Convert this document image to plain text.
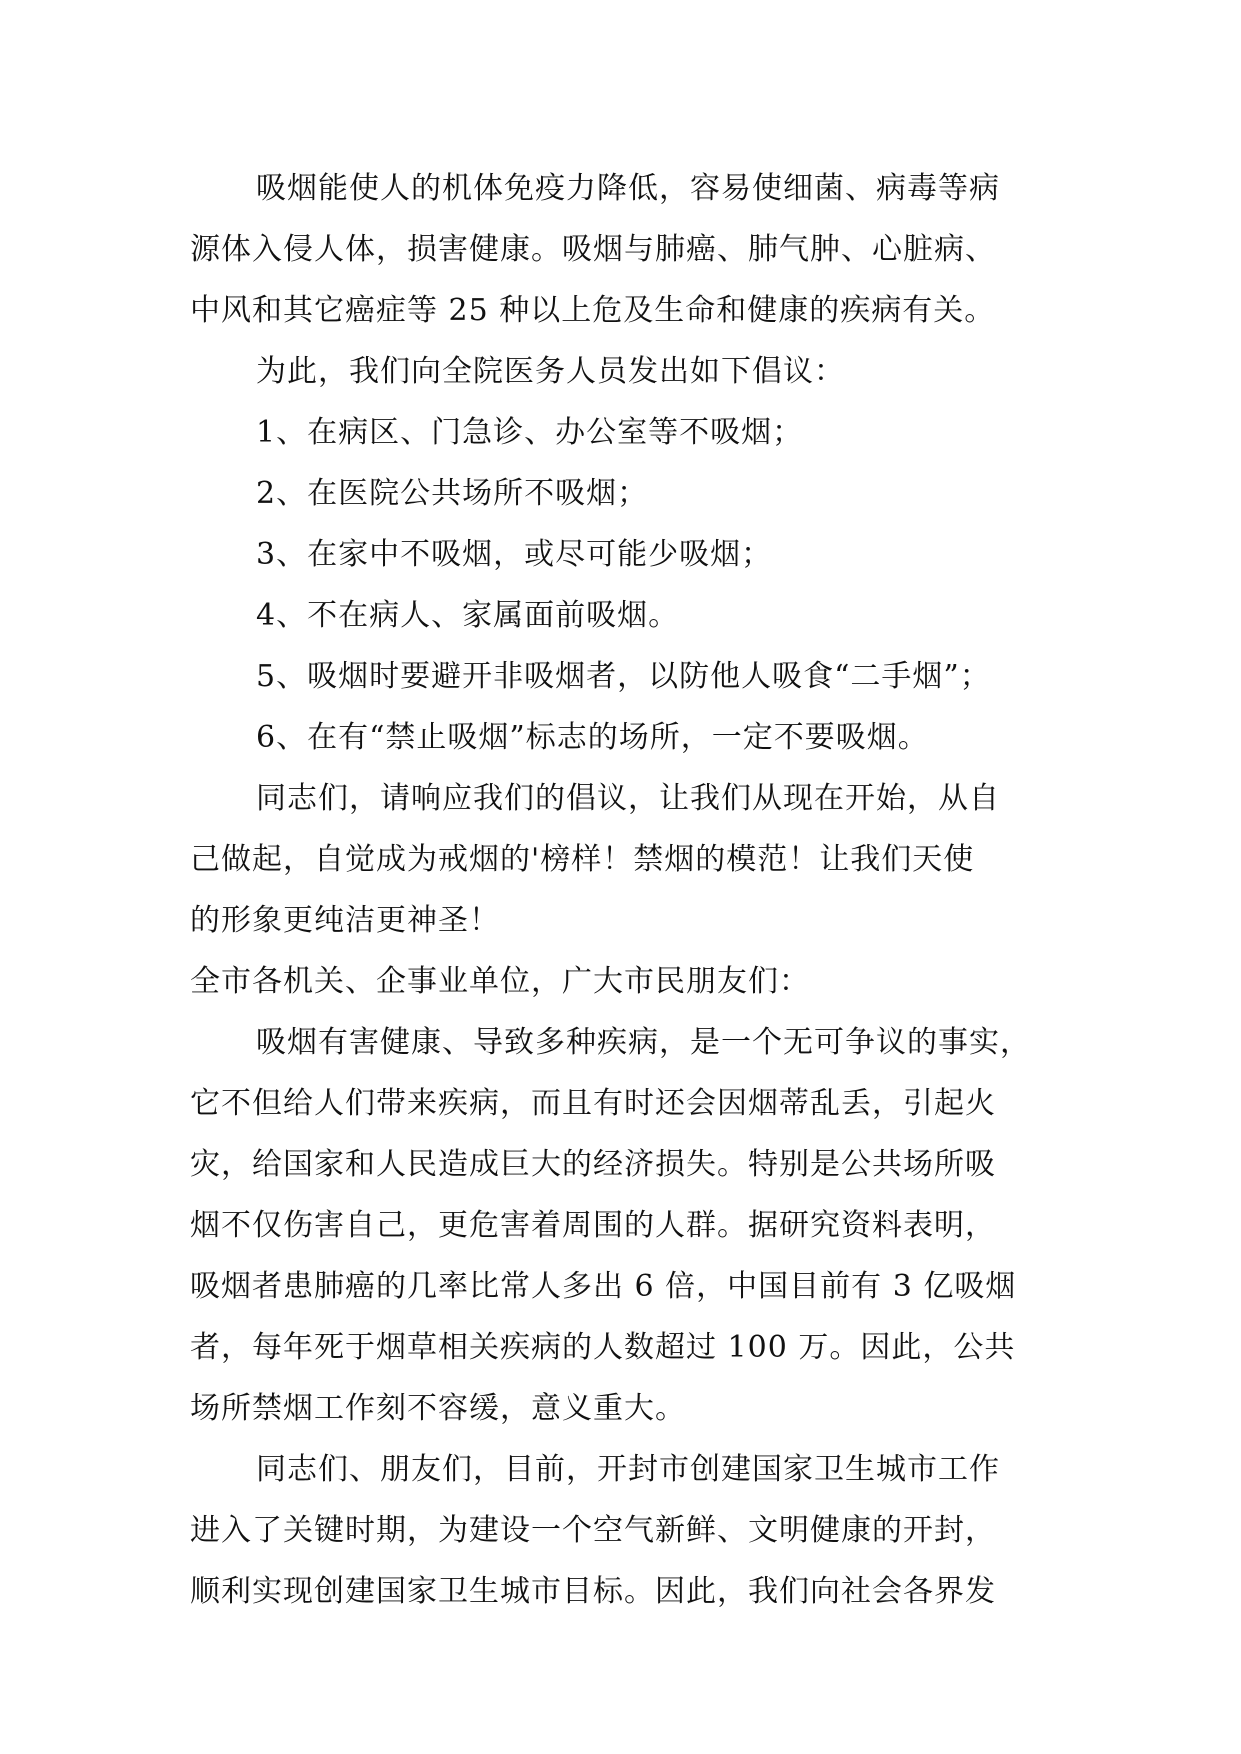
吸烟能使人的机体免疫力降低，容易使细菌、病毒等病
源体入侵人体，损害健康。吸烟与肺癌、肺气肿、心脏病、
中风和其它癌症等 25 种以上危及生命和健康的疾病有关。
为此，我们向全院医务人员发出如下倡议：
1、在病区、门急诊、办公室等不吸烟；
2、在医院公共场所不吸烟；
3、在家中不吸烟，或尽可能少吸烟；
4、不在病人、家属面前吸烟。
5、吸烟时要避开非吸烟者，以防他人吸食“二手烟”；
6、在有“禁止吸烟”标志的场所，一定不要吸烟。
同志们，请响应我们的倡议，让我们从现在开始，从自
己做起，自觉成为戒烟的'榜样！禁烟的模范！让我们天使
的形象更纯洁更神圣！
全市各机关、企事业单位，广大市民朋友们：
吸烟有害健康、导致多种疾病，是一个无可争议的事实，
它不但给人们带来疾病，而且有时还会因烟蒂乱丢，引起火
灾，给国家和人民造成巨大的经济损失。特别是公共场所吸
烟不仅伤害自己，更危害着周围的人群。据研究资料表明，
吸烟者患肺癌的几率比常人多出 6 倍，中国目前有 3 亿吸烟
者，每年死于烟草相关疾病的人数超过 100 万。因此，公共
场所禁烟工作刻不容缓，意义重大。
同志们、朋友们，目前，开封市创建国家卫生城市工作
进入了关键时期，为建设一个空气新鲜、文明健康的开封，
顺利实现创建国家卫生城市目标。因此，我们向社会各界发
